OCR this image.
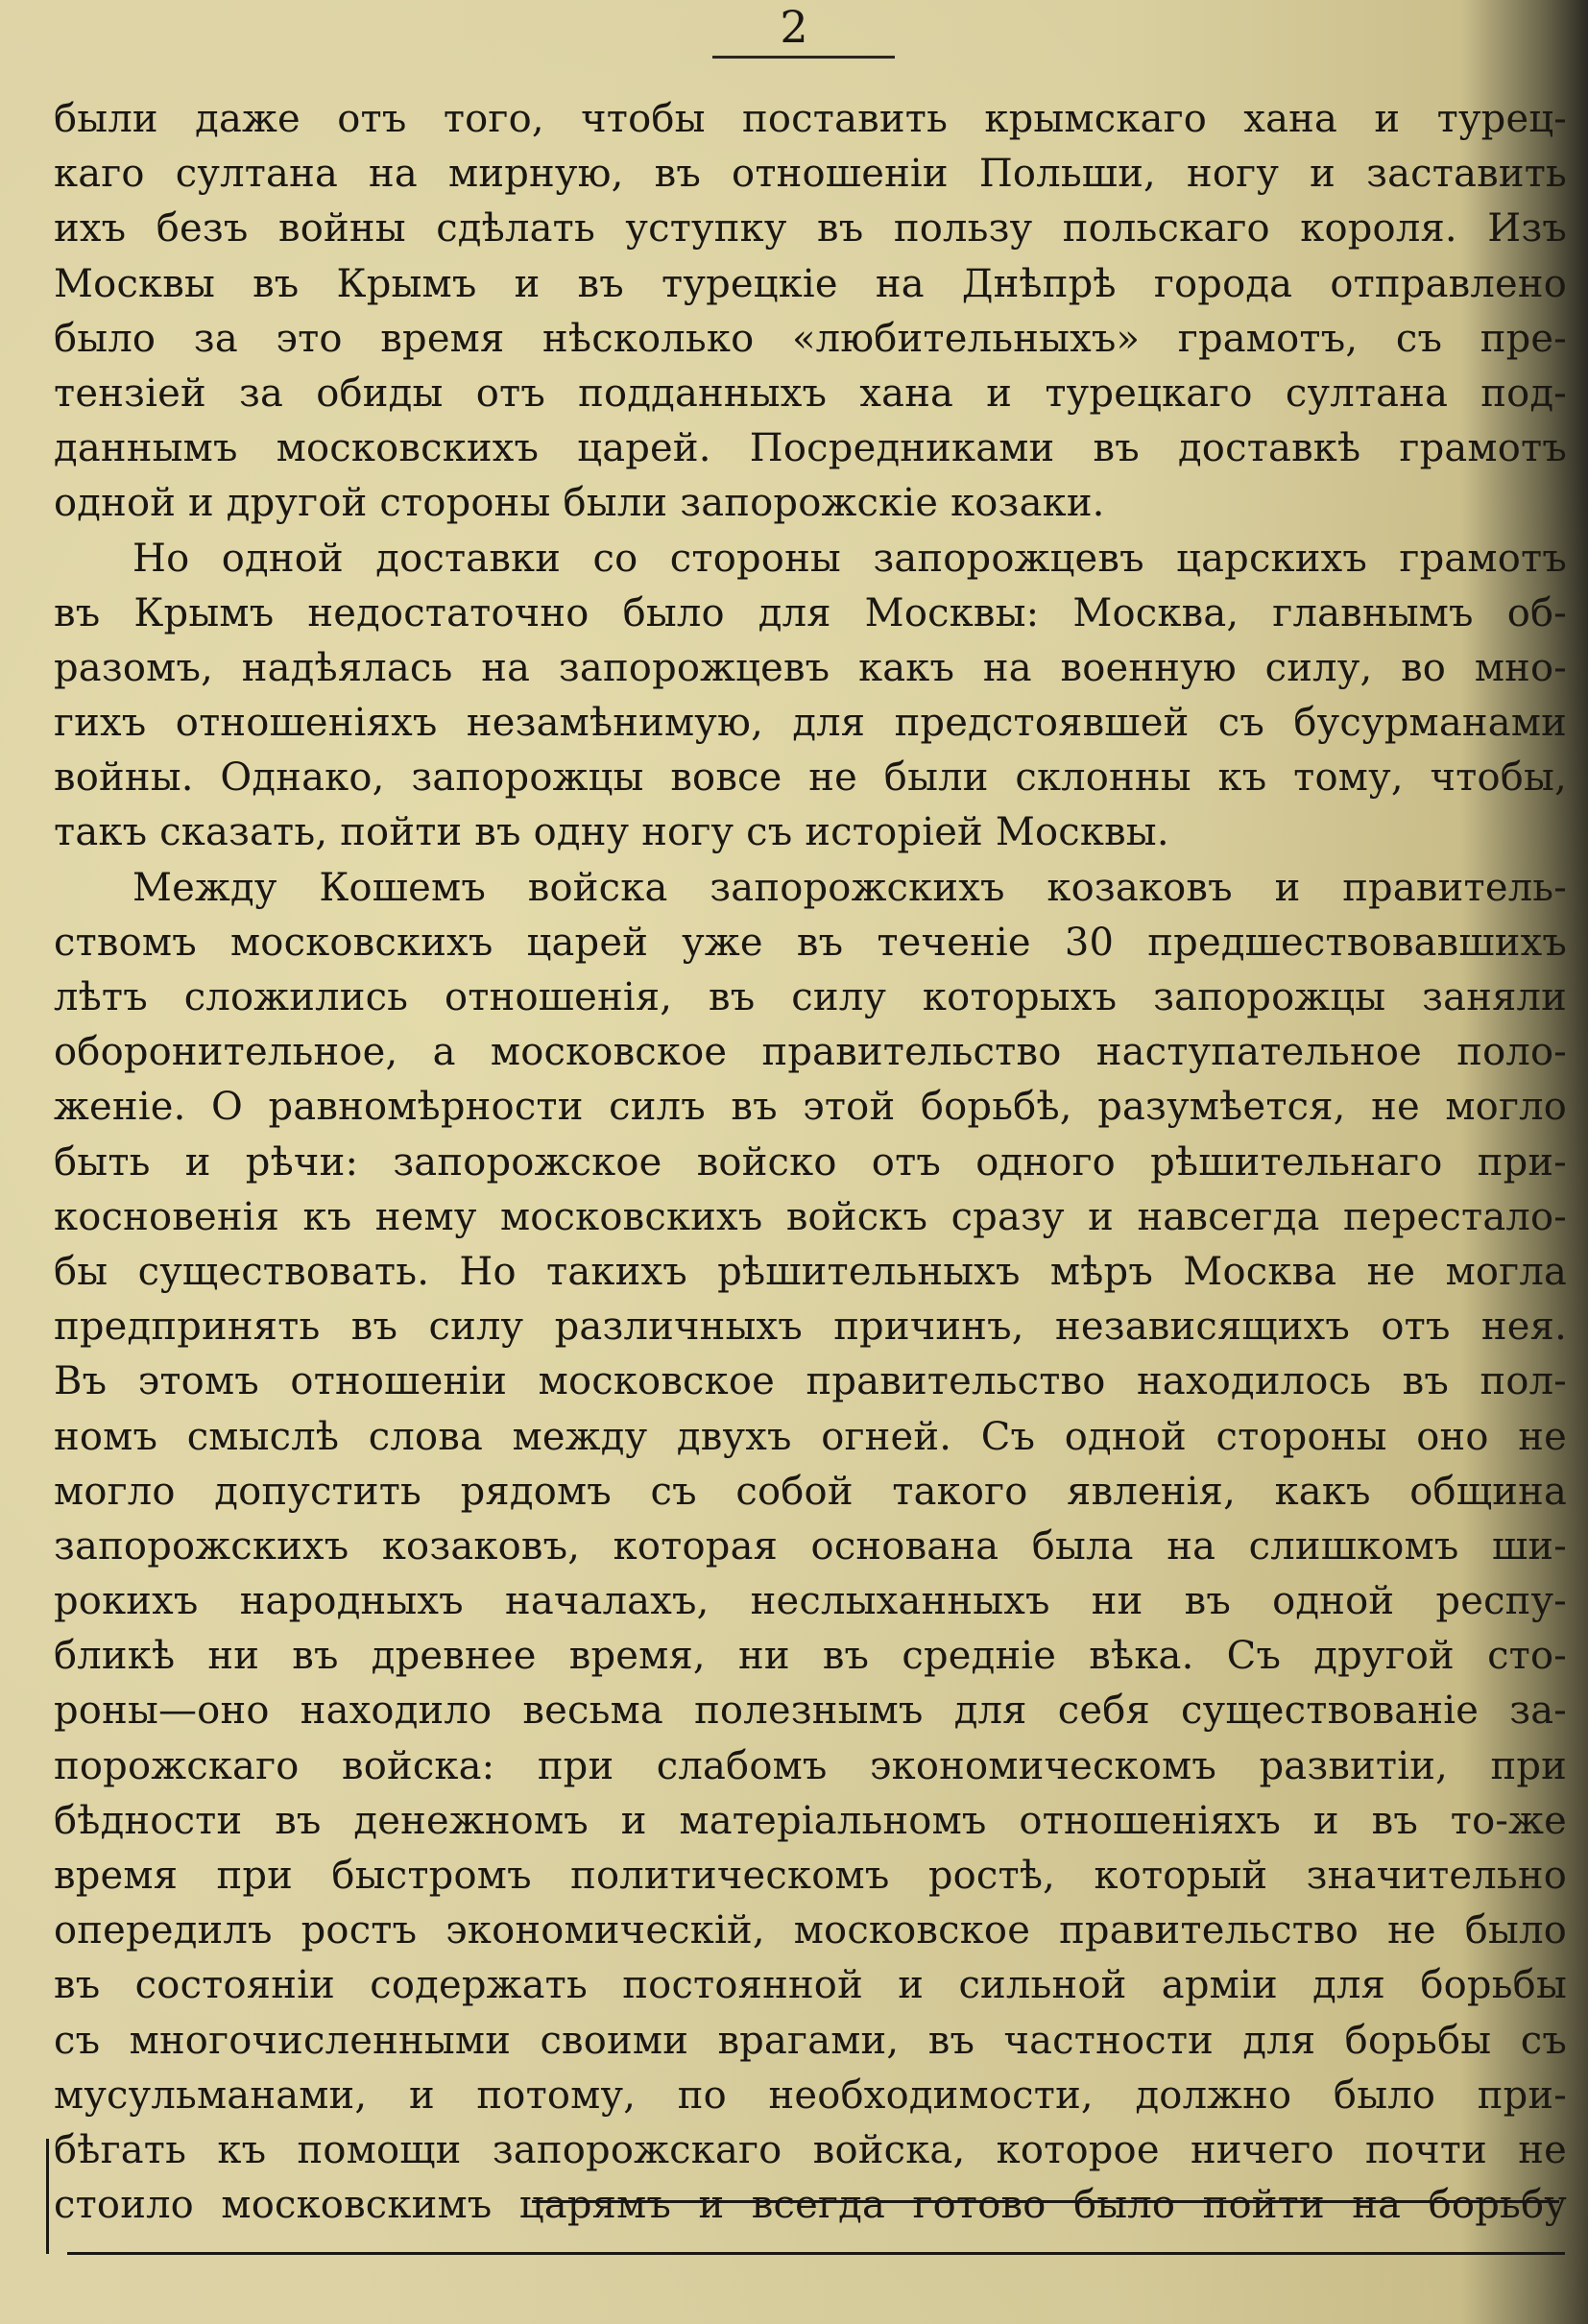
2
были даже отъ того, чтобы поставить крымскаго хана и турец-
каго султана на мирную, въ отношеніи Польши, ногу и заставить
ихъ безъ войны сдѣлать уступку въ пользу польскаго короля. Изъ
Москвы въ Крымъ и въ турецкіе на Днѣпрѣ города отправлено
было за это время нѣсколько «любительныхъ» грамотъ, съ пре-
тензіей за обиды отъ подданныхъ хана и турецкаго султана под-
даннымъ московскихъ царей. Посредниками въ доставкѣ грамотъ
одной и другой стороны были запорожскіе козаки.
Но одной доставки со стороны запорожцевъ царскихъ грамотъ
въ Крымъ недостаточно было для Москвы: Москва, главнымъ об-
разомъ, надѣялась на запорожцевъ какъ на военную силу, во мно-
гихъ отношеніяхъ незамѣнимую, для предстоявшей съ бусурманами
войны. Однако, запорожцы вовсе не были склонны къ тому, чтобы,
такъ сказать, пойти въ одну ногу съ исторіей Москвы.
Между Кошемъ войска запорожскихъ козаковъ и правитель-
ствомъ московскихъ царей уже въ теченіе 30 предшествовавшихъ
лѣтъ сложились отношенія, въ силу которыхъ запорожцы заняли
оборонительное, а московское правительство наступательное поло-
женіе. О равномѣрности силъ въ этой борьбѣ, разумѣется, не могло
быть и рѣчи: запорожское войско отъ одного рѣшительнаго при-
косновенія къ нему московскихъ войскъ сразу и навсегда перестало-
бы существовать. Но такихъ рѣшительныхъ мѣръ Москва не могла
предпринять въ силу различныхъ причинъ, независящихъ отъ нея.
Въ этомъ отношеніи московское правительство находилось въ пол-
номъ смыслѣ слова между двухъ огней. Съ одной стороны оно не
могло допустить рядомъ съ собой такого явленія, какъ община
запорожскихъ козаковъ, которая основана была на слишкомъ ши-
рокихъ народныхъ началахъ, неслыханныхъ ни въ одной респу-
бликѣ ни въ древнее время, ни въ средніе вѣка. Съ другой сто-
роны—оно находило весьма полезнымъ для себя существованіе за-
порожскаго войска: при слабомъ экономическомъ развитіи, при
бѣдности въ денежномъ и матеріальномъ отношеніяхъ и въ то-же
время при быстромъ политическомъ ростѣ, который значительно
опередилъ ростъ экономическій, московское правительство не было
въ состояніи содержать постоянной и сильной арміи для борьбы
съ многочисленными своими врагами, въ частности для борьбы съ
мусульманами, и потому, по необходимости, должно было при-
бѣгать къ помощи запорожскаго войска, которое ничего почти не
стоило московскимъ царямъ и всегда готово было пойти на борьбу
